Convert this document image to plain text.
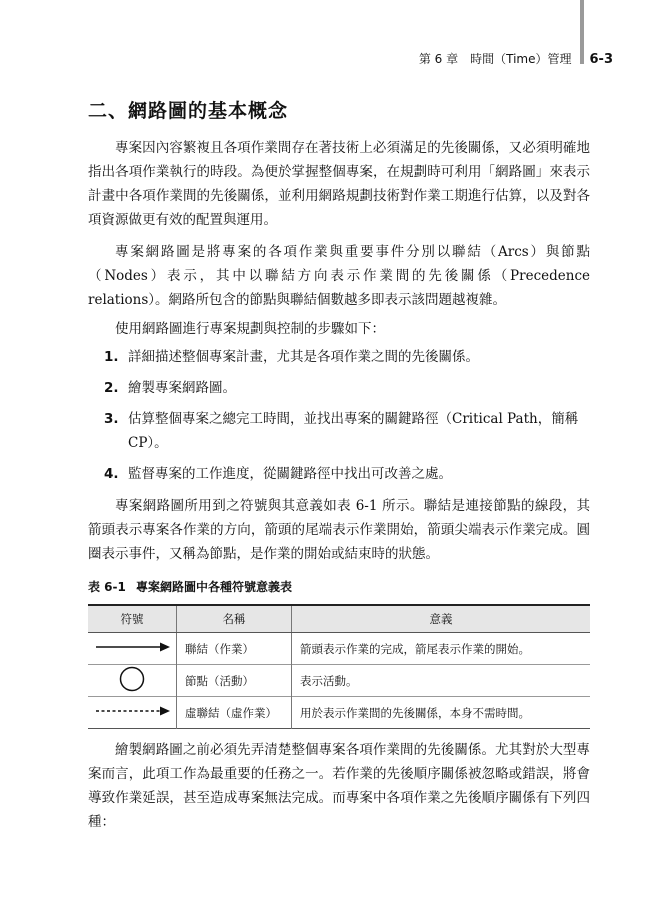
第 6 章　時間（Time）管理 6-3
二、網路圖的基本概念

專案因內容繁複且各項作業間存在著技術上必須滿足的先後關係，又必須明確地指出各項作業執行的時段。為便於掌握整個專案，在規劃時可利用「網路圖」來表示計畫中各項作業間的先後關係，並利用網路規劃技術對作業工期進行估算，以及對各項資源做更有效的配置與運用。

專案網路圖是將專案的各項作業與重要事件分別以聯結（Arcs）與節點（Nodes）表示，其中以聯結方向表示作業間的先後關係（Precedence relations）。網路所包含的節點與聯結個數越多即表示該問題越複雜。

使用網路圖進行專案規劃與控制的步驟如下：

1. 詳細描述整個專案計畫，尤其是各項作業之間的先後關係。
2. 繪製專案網路圖。
3. 估算整個專案之總完工時間，並找出專案的關鍵路徑（Critical Path，簡稱 CP）。
4. 監督專案的工作進度，從關鍵路徑中找出可改善之處。

專案網路圖所用到之符號與其意義如表 6-1 所示。聯結是連接節點的線段，其箭頭表示專案各作業的方向，箭頭的尾端表示作業開始，箭頭尖端表示作業完成。圓圈表示事件，又稱為節點，是作業的開始或結束時的狀態。

表 6-1 專案網路圖中各種符號意義表
符號	名稱	意義
	聯結（作業）	箭頭表示作業的完成，箭尾表示作業的開始。
	節點（活動）	表示活動。
	虛聯結（虛作業）	用於表示作業間的先後關係，本身不需時間。

繪製網路圖之前必須先弄清楚整個專案各項作業間的先後關係。尤其對於大型專案而言，此項工作為最重要的任務之一。若作業的先後順序關係被忽略或錯誤，將會導致作業延誤，甚至造成專案無法完成。而專案中各項作業之先後順序關係有下列四種：
